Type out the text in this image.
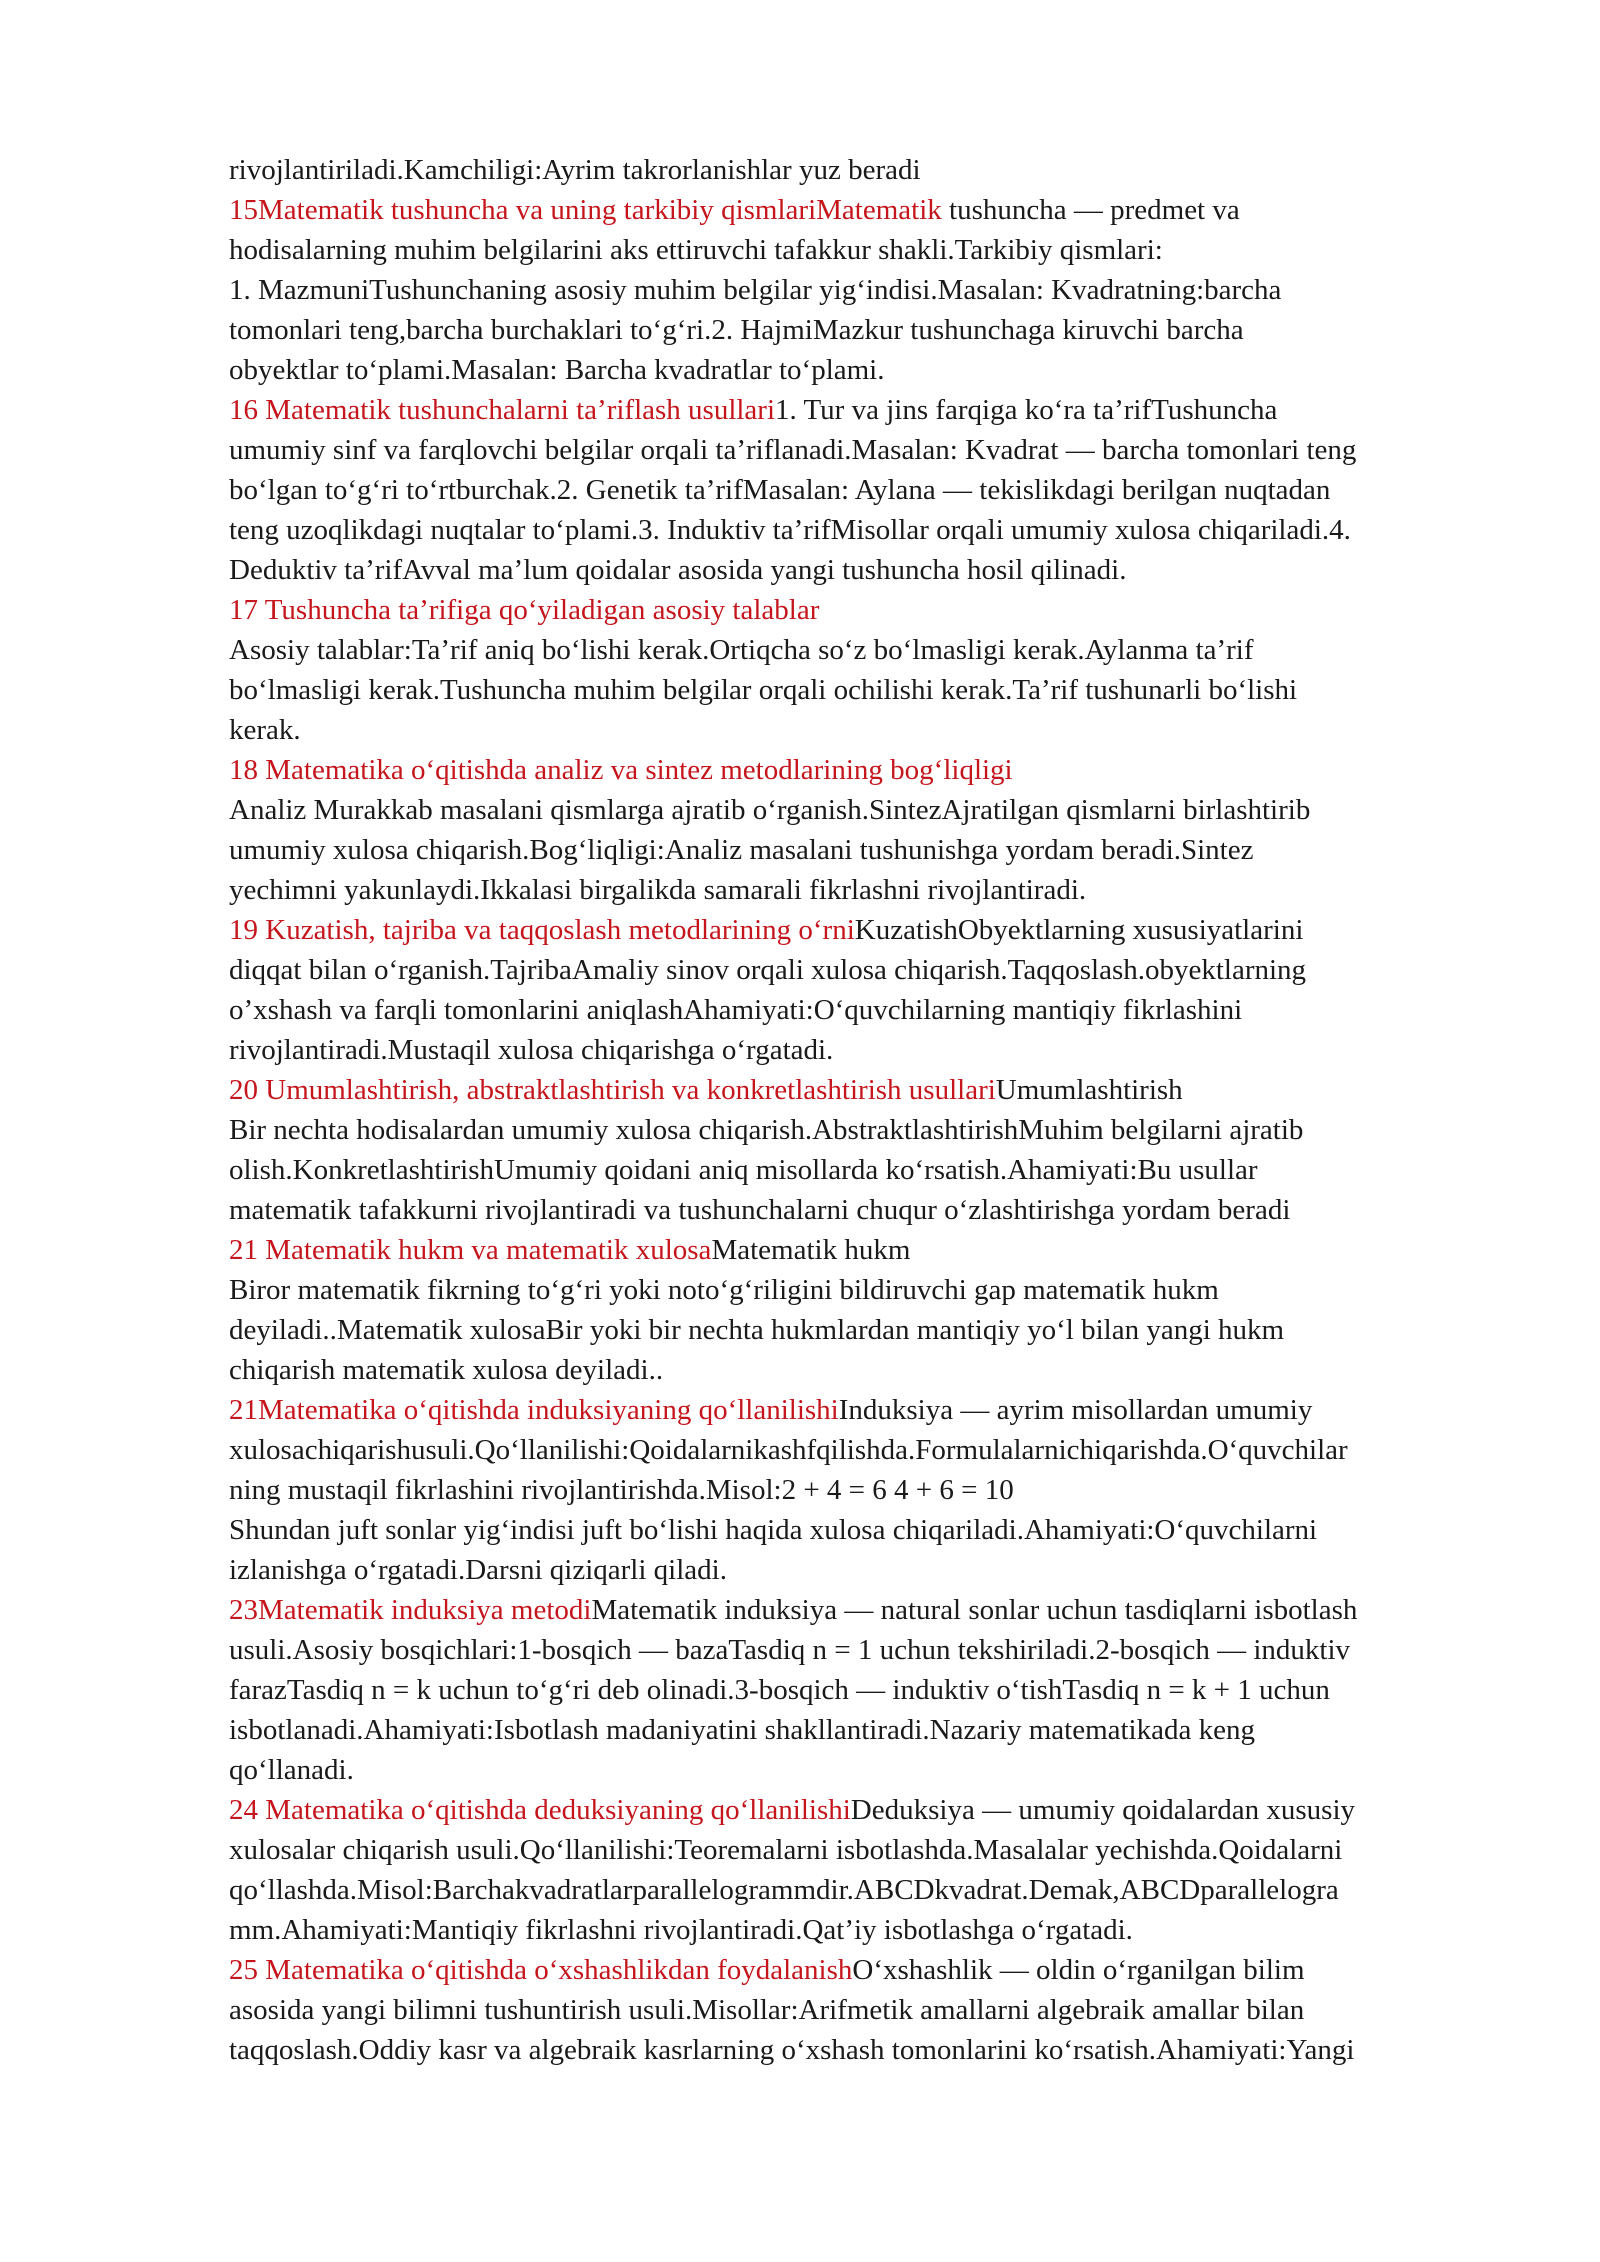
rivojlantiriladi.Kamchiligi:Ayrim takrorlanishlar yuz beradi
15Matematik tushuncha va uning tarkibiy qismlariMatematik tushuncha — predmet va
hodisalarning muhim belgilarini aks ettiruvchi tafakkur shakli.Tarkibiy qismlari:
1. MazmuniTushunchaning asosiy muhim belgilar yig‘indisi.Masalan: Kvadratning:barcha
tomonlari teng,barcha burchaklari to‘g‘ri.2. HajmiMazkur tushunchaga kiruvchi barcha
obyektlar to‘plami.Masalan: Barcha kvadratlar to‘plami.
16 Matematik tushunchalarni ta’riflash usullari1. Tur va jins farqiga ko‘ra ta’rifTushuncha
umumiy sinf va farqlovchi belgilar orqali ta’riflanadi.Masalan: Kvadrat — barcha tomonlari teng
bo‘lgan to‘g‘ri to‘rtburchak.2. Genetik ta’rifMasalan: Aylana — tekislikdagi berilgan nuqtadan
teng uzoqlikdagi nuqtalar to‘plami.3. Induktiv ta’rifMisollar orqali umumiy xulosa chiqariladi.4.
Deduktiv ta’rifAvval ma’lum qoidalar asosida yangi tushuncha hosil qilinadi.
17 Tushuncha ta’rifiga qo‘yiladigan asosiy talablar
Asosiy talablar:Ta’rif aniq bo‘lishi kerak.Ortiqcha so‘z bo‘lmasligi kerak.Aylanma ta’rif
bo‘lmasligi kerak.Tushuncha muhim belgilar orqali ochilishi kerak.Ta’rif tushunarli bo‘lishi
kerak.
18 Matematika o‘qitishda analiz va sintez metodlarining bog‘liqligi
Analiz Murakkab masalani qismlarga ajratib o‘rganish.SintezAjratilgan qismlarni birlashtirib
umumiy xulosa chiqarish.Bog‘liqligi:Analiz masalani tushunishga yordam beradi.Sintez
yechimni yakunlaydi.Ikkalasi birgalikda samarali fikrlashni rivojlantiradi.
19 Kuzatish, tajriba va taqqoslash metodlarining o‘rniKuzatishObyektlarning xususiyatlarini
diqqat bilan o‘rganish.TajribaAmaliy sinov orqali xulosa chiqarish.Taqqoslash.obyektlarning
o’xshash va farqli tomonlarini aniqlashAhamiyati:O‘quvchilarning mantiqiy fikrlashini
rivojlantiradi.Mustaqil xulosa chiqarishga o‘rgatadi.
20 Umumlashtirish, abstraktlashtirish va konkretlashtirish usullariUmumlashtirish
Bir nechta hodisalardan umumiy xulosa chiqarish.AbstraktlashtirishMuhim belgilarni ajratib
olish.KonkretlashtirishUmumiy qoidani aniq misollarda ko‘rsatish.Ahamiyati:Bu usullar
matematik tafakkurni rivojlantiradi va tushunchalarni chuqur o‘zlashtirishga yordam beradi
21 Matematik hukm va matematik xulosaMatematik hukm
Biror matematik fikrning to‘g‘ri yoki noto‘g‘riligini bildiruvchi gap matematik hukm
deyiladi..Matematik xulosaBir yoki bir nechta hukmlardan mantiqiy yo‘l bilan yangi hukm
chiqarish matematik xulosa deyiladi..
21Matematika o‘qitishda induksiyaning qo‘llanilishiInduksiya — ayrim misollardan umumiy
xulosachiqarishusuli.Qo‘llanilishi:Qoidalarnikashfqilishda.Formulalarnichiqarishda.O‘quvchilar
ning mustaqil fikrlashini rivojlantirishda.Misol:2 + 4 = 6 4 + 6 = 10
Shundan juft sonlar yig‘indisi juft bo‘lishi haqida xulosa chiqariladi.Ahamiyati:O‘quvchilarni
izlanishga o‘rgatadi.Darsni qiziqarli qiladi.
23Matematik induksiya metodiMatematik induksiya — natural sonlar uchun tasdiqlarni isbotlash
usuli.Asosiy bosqichlari:1-bosqich — bazaTasdiq n = 1 uchun tekshiriladi.2-bosqich — induktiv
farazTasdiq n = k uchun to‘g‘ri deb olinadi.3-bosqich — induktiv o‘tishTasdiq n = k + 1 uchun
isbotlanadi.Ahamiyati:Isbotlash madaniyatini shakllantiradi.Nazariy matematikada keng
qo‘llanadi.
24 Matematika o‘qitishda deduksiyaning qo‘llanilishiDeduksiya — umumiy qoidalardan xususiy
xulosalar chiqarish usuli.Qo‘llanilishi:Teoremalarni isbotlashda.Masalalar yechishda.Qoidalarni
qo‘llashda.Misol:Barchakvadratlarparallelogrammdir.ABCDkvadrat.Demak,ABCDparallelogra
mm.Ahamiyati:Mantiqiy fikrlashni rivojlantiradi.Qat’iy isbotlashga o‘rgatadi.
25 Matematika o‘qitishda o‘xshashlikdan foydalanishO‘xshashlik — oldin o‘rganilgan bilim
asosida yangi bilimni tushuntirish usuli.Misollar:Arifmetik amallarni algebraik amallar bilan
taqqoslash.Oddiy kasr va algebraik kasrlarning o‘xshash tomonlarini ko‘rsatish.Ahamiyati:Yangi
